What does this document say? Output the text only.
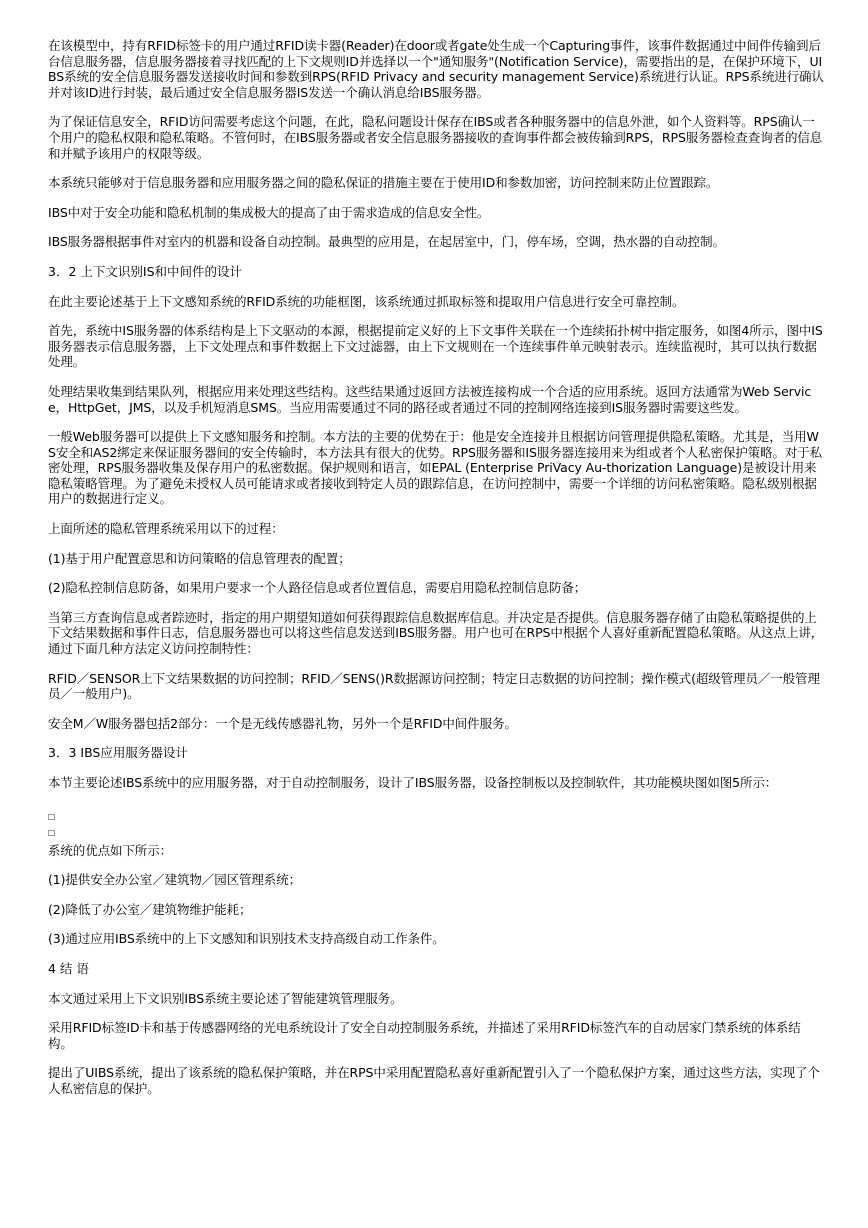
在该模型中，持有RFID标签卡的用户通过RFID读卡器(Reader)在door或者gate处生成一个Capturing事件，该事件数据通过中间件传输到后台信息服务器，信息服务器接着寻找匹配的上下文规则ID并选择以一个"通知服务"(Notification Service)，需要指出的是，在保护环境下，UIBS系统的安全信息服务器发送接收时间和参数到RPS(RFID Privacy and security management Service)系统进行认证。RPS系统进行确认并对该ID进行封装，最后通过安全信息服务器IS发送一个确认消息给IBS服务器。

为了保证信息安全，RFID访问需要考虑这个问题，在此，隐私问题设计保存在IBS或者各种服务器中的信息外泄，如个人资料等。RPS确认一个用户的隐私权限和隐私策略。不管何时，在IBS服务器或者安全信息服务器接收的查询事件都会被传输到RPS，RPS服务器检查查询者的信息和并赋予该用户的权限等级。

本系统只能够对于信息服务器和应用服务器之间的隐私保证的措施主要在于使用ID和参数加密，访问控制来防止位置跟踪。

IBS中对于安全功能和隐私机制的集成极大的提高了由于需求造成的信息安全性。

IBS服务器根据事件对室内的机器和设备自动控制。最典型的应用是，在起居室中，门，停车场，空调，热水器的自动控制。

3．2 上下文识别IS和中间件的设计

在此主要论述基于上下文感知系统的RFID系统的功能框图，该系统通过抓取标签和提取用户信息进行安全可靠控制。

首先，系统中IS服务器的体系结构是上下文驱动的本源，根据提前定义好的上下文事件关联在一个连续拓扑树中指定服务，如图4所示，图中IS服务器表示信息服务器，上下文处理点和事件数据上下文过滤器，由上下文规则在一个连续事件单元映射表示。连续监视时，其可以执行数据处理。

处理结果收集到结果队列，根据应用来处理这些结构。这些结果通过返回方法被连接构成一个合适的应用系统。返回方法通常为Web Service，HttpGet，JMS，以及手机短消息SMS。当应用需要通过不同的路径或者通过不同的控制网络连接到IS服务器时需要这些发。

一般Web服务器可以提供上下文感知服务和控制。本方法的主要的优势在于：他是安全连接并且根据访问管理提供隐私策略。尤其是，当用WS安全和AS2绑定来保证服务器间的安全传输时，本方法具有很大的优势。RPS服务器和IS服务器连接用来为组或者个人私密保护策略。对于私密处理，RPS服务器收集及保存用户的私密数据。保护规则和语言，如EPAL (Enterprise PriVacy Au-thorization Language)是被设计用来隐私策略管理。为了避免未授权人员可能请求或者接收到特定人员的跟踪信息，在访问控制中，需要一个详细的访问私密策略。隐私级别根据用户的数据进行定义。

上面所述的隐私管理系统采用以下的过程：

(1)基于用户配置意思和访问策略的信息管理表的配置；

(2)隐私控制信息防备，如果用户要求一个人路径信息或者位置信息，需要启用隐私控制信息防备；

当第三方查询信息或者踪迹时，指定的用户期望知道如何获得跟踪信息数据库信息。并决定是否提供。信息服务器存储了由隐私策略提供的上下文结果数据和事件日志，信息服务器也可以将这些信息发送到IBS服务器。用户也可在RPS中根据个人喜好重新配置隐私策略。从这点上讲，通过下面几种方法定义访问控制特性：

RFID／SENSOR上下文结果数据的访问控制；RFID／SENS()R数据源访问控制；特定日志数据的访问控制；操作模式(超级管理员／一般管理员／一般用户)。

安全M／W服务器包括2部分：一个是无线传感器礼物，另外一个是RFID中间件服务。

3．3 IBS应用服务器设计

本节主要论述IBS系统中的应用服务器，对于自动控制服务，设计了IBS服务器，设备控制板以及控制软件，其功能模块图如图5所示：

系统的优点如下所示：

(1)提供安全办公室／建筑物／园区管理系统；

(2)降低了办公室／建筑物维护能耗；

(3)通过应用IBS系统中的上下文感知和识别技术支持高级自动工作条件。

4 结 语

本文通过采用上下文识别IBS系统主要论述了智能建筑管理服务。

采用RFID标签ID卡和基于传感器网络的光电系统设计了安全自动控制服务系统，并描述了采用RFID标签汽车的自动居家门禁系统的体系结构。

提出了UIBS系统，提出了该系统的隐私保护策略，并在RPS中采用配置隐私喜好重新配置引入了一个隐私保护方案，通过这些方法，实现了个人私密信息的保护。
